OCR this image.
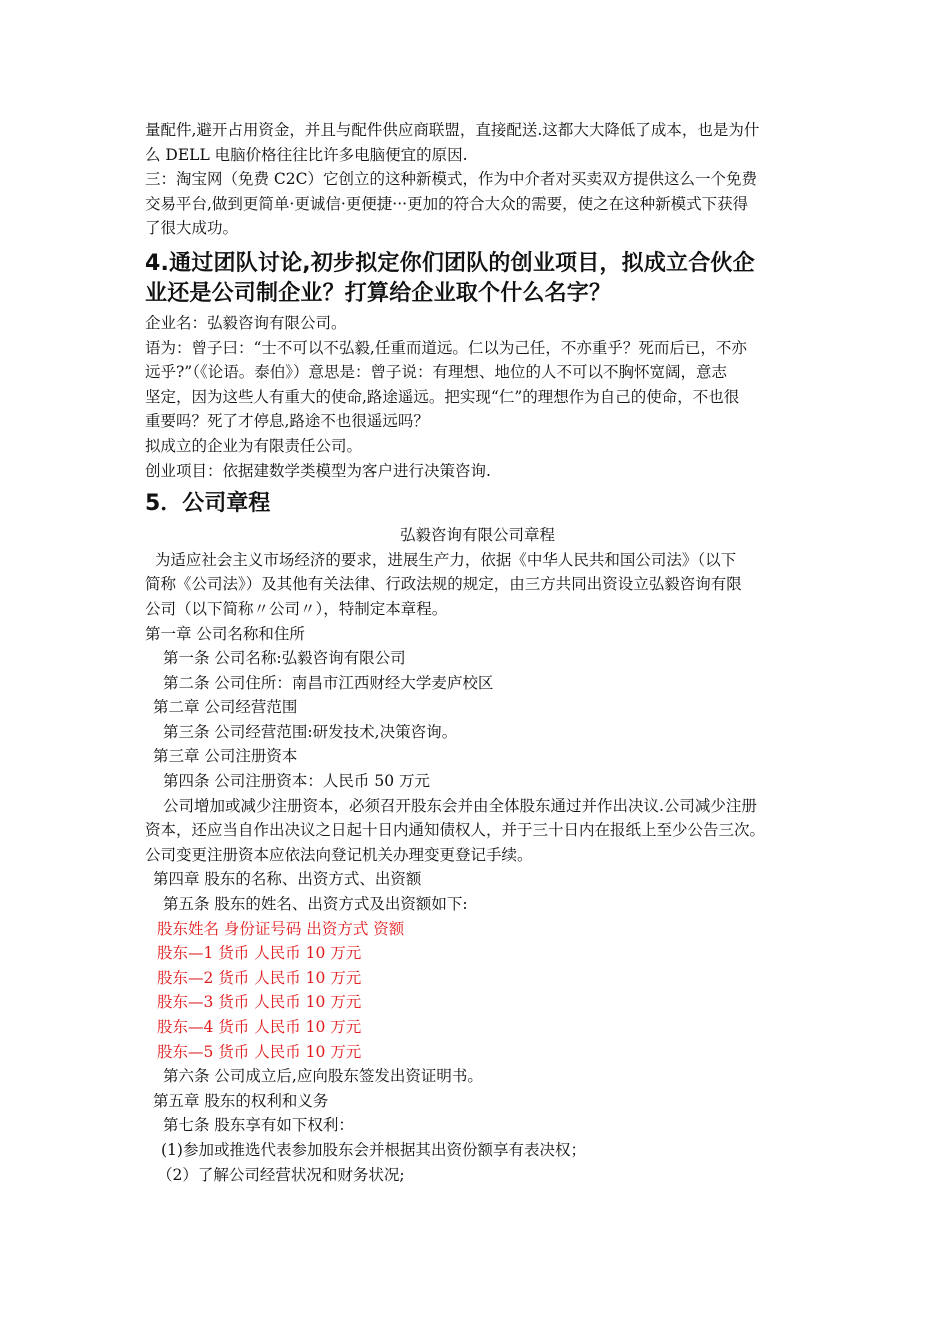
量配件,避开占用资金，并且与配件供应商联盟，直接配送.这都大大降低了成本，也是为什

么 DELL 电脑价格往往比许多电脑便宜的原因.

三：淘宝网（免费 C2C）它创立的这种新模式，作为中介者对买卖双方提供这么一个免费

交易平台,做到更简单·更诚信·更便捷···更加的符合大众的需要，使之在这种新模式下获得

了很大成功。

4.通过团队讨论,初步拟定你们团队的创业项目，拟成立合伙企
业还是公司制企业？打算给企业取个什么名字？

企业名：弘毅咨询有限公司。

语为：曾子曰：“士不可以不弘毅,任重而道远。仁以为己任，不亦重乎？死而后已，不亦

远乎?”（《论语。泰伯》）意思是：曾子说：有理想、地位的人不可以不胸怀宽阔，意志

坚定，因为这些人有重大的使命,路途遥远。把实现“仁”的理想作为自己的使命，不也很

重要吗？死了才停息,路途不也很遥远吗？

拟成立的企业为有限责任公司。

创业项目：依据建数学类模型为客户进行决策咨询.

5．公司章程

弘毅咨询有限公司章程

为适应社会主义市场经济的要求，进展生产力，依据《中华人民共和国公司法》（以下

简称《公司法》）及其他有关法律、行政法规的规定，由三方共同出资设立弘毅咨询有限

公司（以下简称〃公司〃），特制定本章程。

第一章 公司名称和住所

第一条 公司名称:弘毅咨询有限公司

第二条 公司住所：南昌市江西财经大学麦庐校区

第二章 公司经营范围

第三条 公司经营范围:研发技术,决策咨询。

第三章 公司注册资本

第四条 公司注册资本：人民币 50 万元

公司增加或减少注册资本，必须召开股东会并由全体股东通过并作出决议.公司减少注册

资本，还应当自作出决议之日起十日内通知债权人，并于三十日内在报纸上至少公告三次。

公司变更注册资本应依法向登记机关办理变更登记手续。

第四章 股东的名称、出资方式、出资额

第五条 股东的姓名、出资方式及出资额如下:

股东姓名 身份证号码 出资方式 资额

股东—1 货币 人民币 10 万元

股东—2 货币 人民币 10 万元

股东—3 货币 人民币 10 万元

股东—4 货币 人民币 10 万元

股东—5 货币 人民币 10 万元

第六条 公司成立后,应向股东签发出资证明书。

第五章 股东的权利和义务

第七条 股东享有如下权利：

(1)参加或推选代表参加股东会并根据其出资份额享有表决权；

（2）了解公司经营状况和财务状况;
